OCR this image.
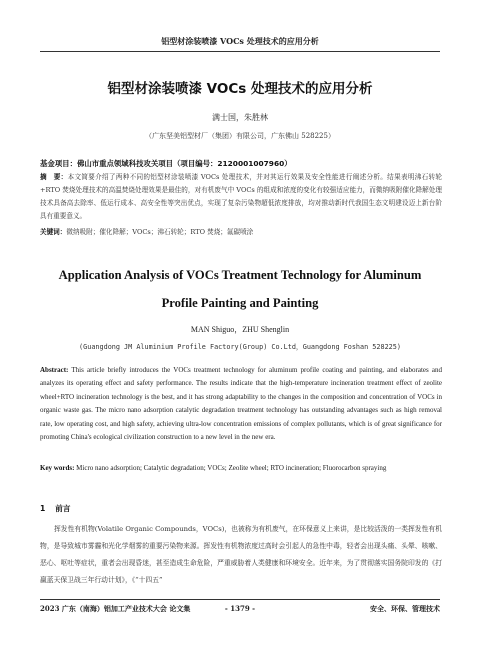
铝型材涂装喷漆 VOCs 处理技术的应用分析
铝型材涂装喷漆 VOCs 处理技术的应用分析
满士国，朱胜林
（广东坚美铝型材厂（集团）有限公司，广东佛山 528225）
基金项目：佛山市重点领域科技攻关项目（项目编号：2120001007960）
摘　要：本文简要介绍了两种不同的铝型材涂装喷漆 VOCs 处理技术，并对其运行效果及安全性能进行阐述分析。结果表明沸石转轮+RTO 焚烧处理技术的高温焚烧处理效果是最佳的，对有机废气中 VOCs 的组成和浓度的变化有较强适应能力，而微纳吸附催化降解处理技术具备高去除率、低运行成本、高安全性等突出优点，实现了复杂污染物超低浓度排放，均对推动新时代我国生态文明建设迈上新台阶具有重要意义。
关键词：微纳吸附；催化降解；VOCs；沸石转轮；RTO 焚烧；氟碳喷涂
Application Analysis of VOCs Treatment Technology for Aluminum Profile Painting and Painting
MAN Shiguo，ZHU Shenglin
(Guangdong JM Aluminium Profile Factory(Group) Co.Ltd，Guangdong Foshan 528225)
Abstract: This article briefly introduces the VOCs treatment technology for aluminum profile coating and painting, and elaborates and analyzes its operating effect and safety performance. The results indicate that the high-temperature incineration treatment effect of zeolite wheel+RTO incineration technology is the best, and it has strong adaptability to the changes in the composition and concentration of VOCs in organic waste gas. The micro nano adsorption catalytic degradation treatment technology has outstanding advantages such as high removal rate, low operating cost, and high safety, achieving ultra-low concentration emissions of complex pollutants, which is of great significance for promoting China's ecological civilization construction to a new level in the new era.
Key words: Micro nano adsorption; Catalytic degradation; VOCs; Zeolite wheel; RTO incineration; Fluorocarbon spraying
1 前言
挥发性有机物(Volatile Organic Compounds，VOCs)，也被称为有机废气，在环保意义上来讲，是比较活泼的一类挥发性有机物，是导致城市雾霾和光化学烟雾的重要污染物来源。挥发性有机物浓度过高时会引起人的急性中毒，轻者会出现头痛、头晕、咳嗽、恶心、呕吐等症状，重者会出现昏迷，甚至造成生命危险，严重威胁着人类健康和环境安全。近年来，为了贯彻落实国务院印发的《打赢蓝天保卫战三年行动计划》，《“十四五”
2023 广东（南海）铝加工产业技术大会 论文集	- 1379 -	安全、环保、管理技术
